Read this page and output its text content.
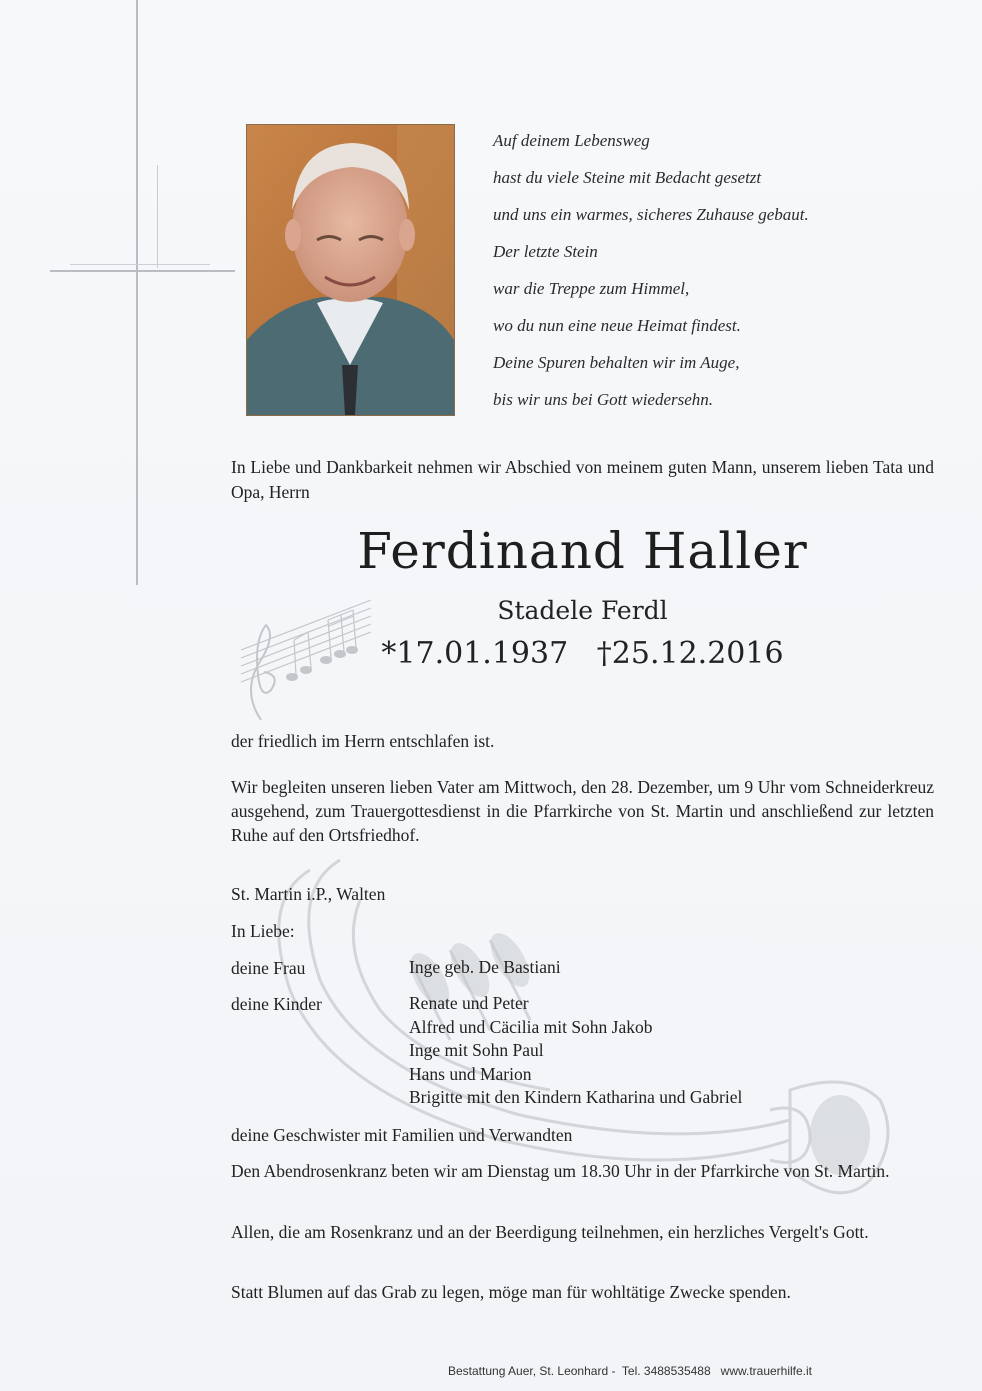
Auf deinem Lebensweg
hast du viele Steine mit Bedacht gesetzt
und uns ein warmes, sicheres Zuhause gebaut.
Der letzte Stein
war die Treppe zum Himmel,
wo du nun eine neue Heimat findest.
Deine Spuren behalten wir im Auge,
bis wir uns bei Gott wiedersehn.
In Liebe und Dankbarkeit nehmen wir Abschied von meinem guten Mann, unserem lieben Tata und Opa, Herrn
Ferdinand Haller
Stadele Ferdl
*17.01.1937 †25.12.2016
der friedlich im Herrn entschlafen ist.
Wir begleiten unseren lieben Vater am Mittwoch, den 28. Dezember, um 9 Uhr vom Schneiderkreuz ausgehend, zum Trauergottesdienst in die Pfarrkirche von St. Martin und anschließend zur letzten Ruhe auf den Ortsfriedhof.
St. Martin i.P., Walten
In Liebe:
deine Frau	Inge geb. De Bastiani
deine Kinder	Renate und Peter
Alfred und Cäcilia mit Sohn Jakob
Inge mit Sohn Paul
Hans und Marion
Brigitte mit den Kindern Katharina und Gabriel
deine Geschwister mit Familien und Verwandten
Den Abendrosenkranz beten wir am Dienstag um 18.30 Uhr in der Pfarrkirche von St. Martin.
Allen, die am Rosenkranz und an der Beerdigung teilnehmen, ein herzliches Vergelt's Gott.
Statt Blumen auf das Grab zu legen, möge man für wohltätige Zwecke spenden.
Bestattung Auer, St. Leonhard -  Tel. 3488535488   www.trauerhilfe.it
